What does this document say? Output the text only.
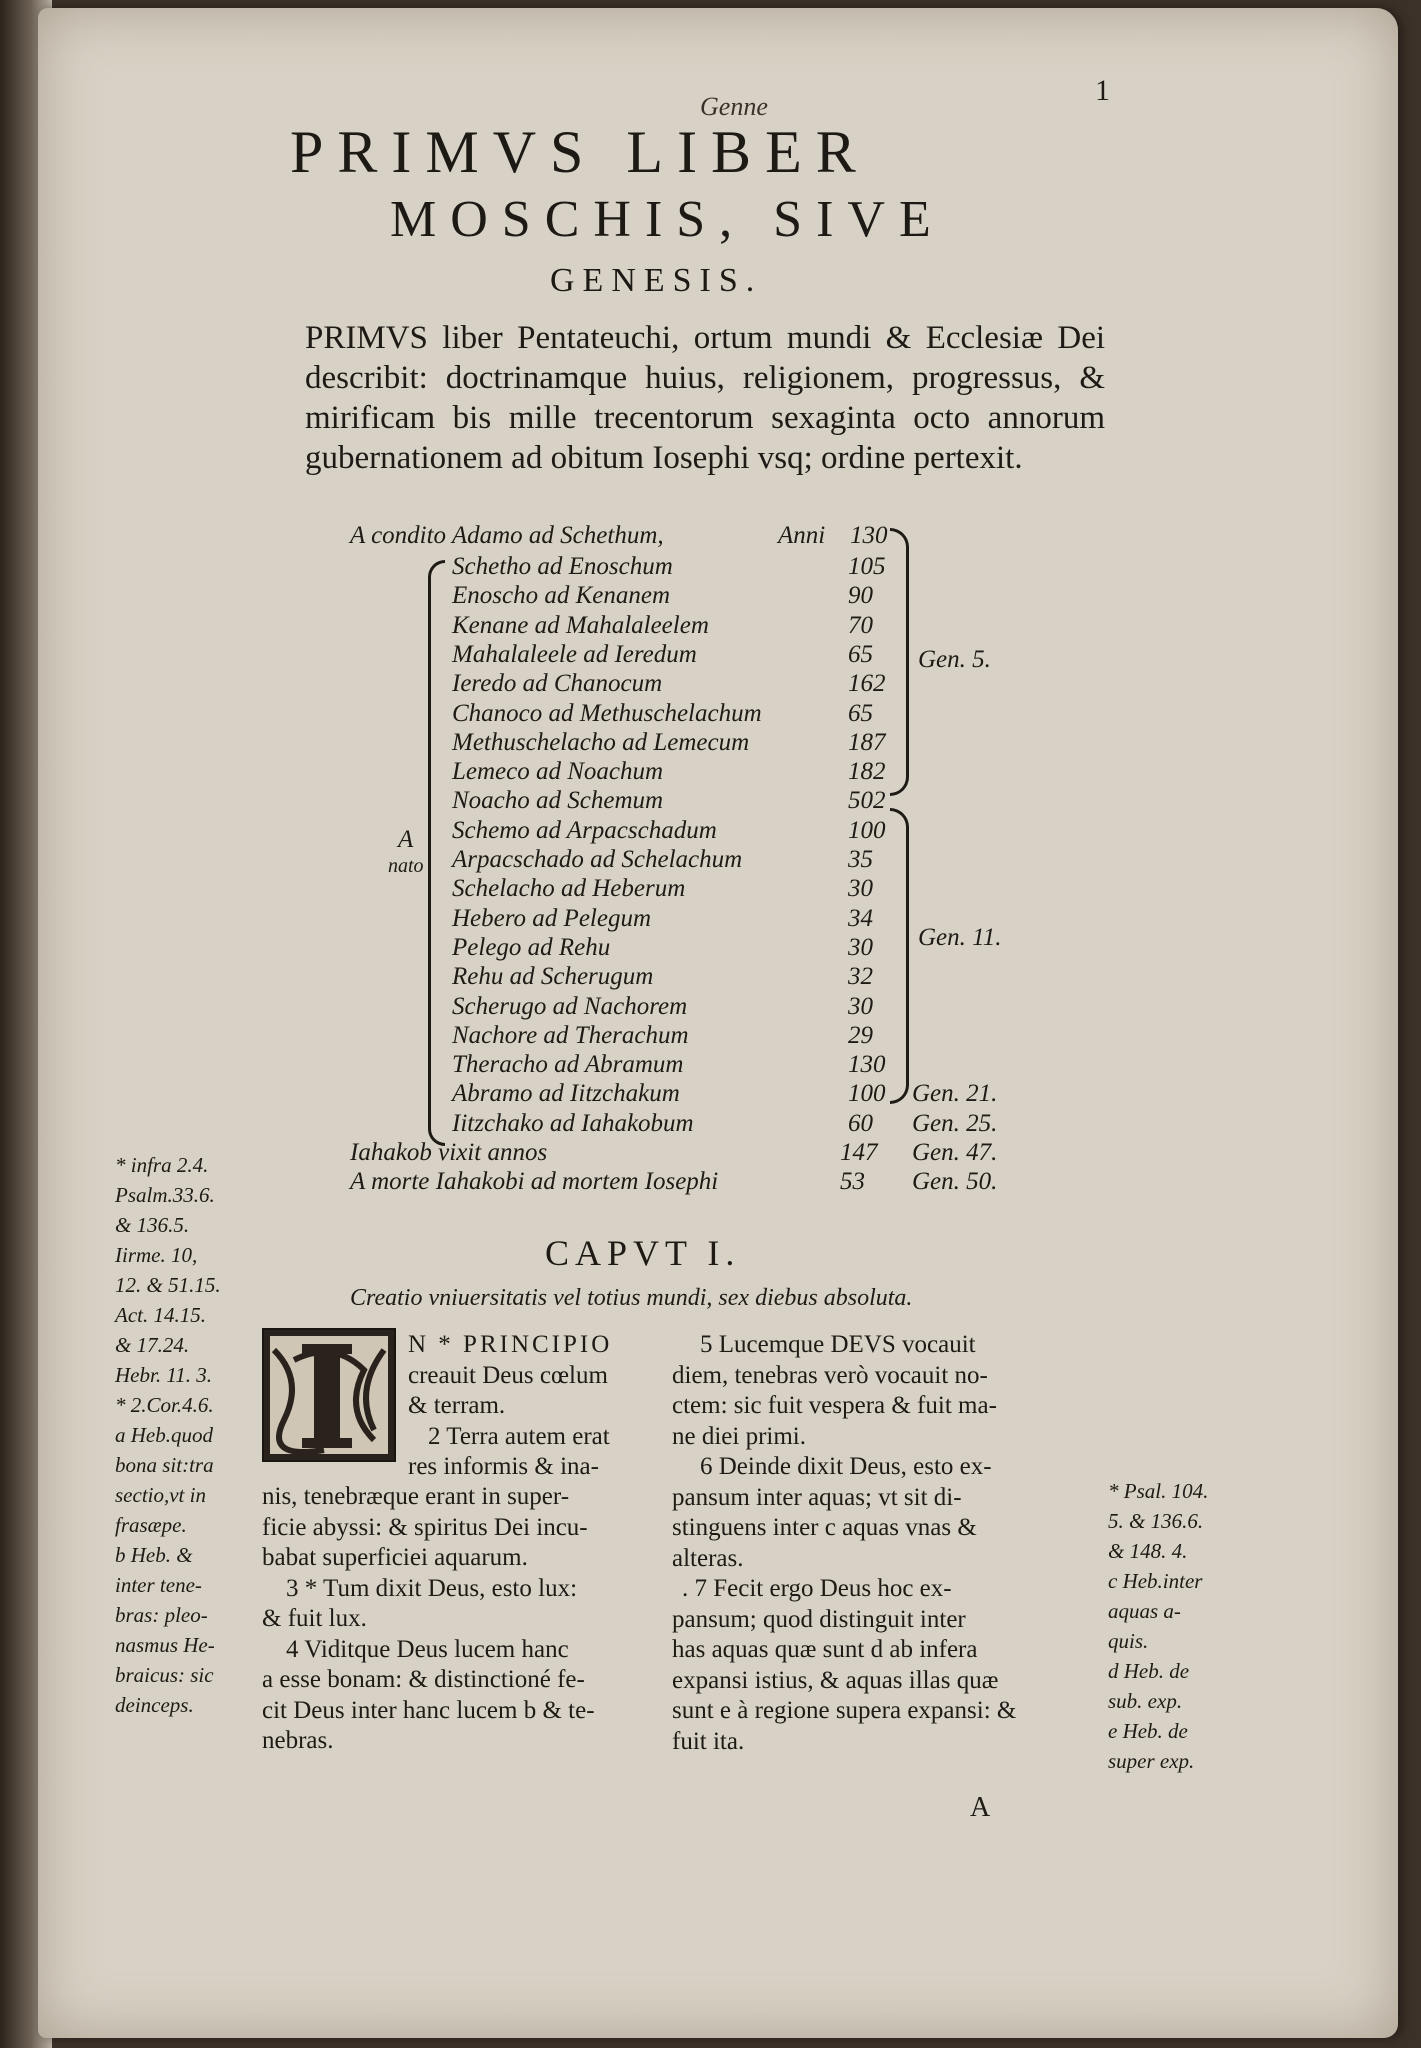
Genne	1
PRIMVS LIBER
MOSCHIS, SIVE
GENESIS.
PRIMVS liber Pentateuchi, ortum mundi & Ecclesiæ Dei describit: doctrinamque huius, religionem, progressus, & mirificam bis mille trecentorum sexaginta octo annorum gubernationem ad obitum Iosephi vsq; ordine pertexit.
A condito Adamo ad Schethum,	Anni 130
A
nato
Gen. 5.
Gen. 11.
Schetho ad Enoschum	105
Enoscho ad Kenanem	90
Kenane ad Mahalaleelem	70
Mahalaleele ad Ieredum	65
Ieredo ad Chanocum	162
Chanoco ad Methuschelachum	65
Methuschelacho ad Lemecum	187
Lemeco ad Noachum	182
Noacho ad Schemum	502
Schemo ad Arpacschadum	100
Arpacschado ad Schelachum	35
Schelacho ad Heberum	30
Hebero ad Pelegum	34
Pelego ad Rehu	30
Rehu ad Scherugum	32
Scherugo ad Nachorem	30
Nachore ad Therachum	29
Theracho ad Abramum	130
Abramo ad Iitzchakum	100 Gen. 21.
Iitzchako ad Iahakobum	60 Gen. 25.
Iahakob vixit annos	147 Gen. 47.
A morte Iahakobi ad mortem Iosephi	53 Gen. 50.
CAPVT I.
Creatio vniuersitatis vel totius mundi, sex diebus absoluta.
* infra 2.4.
Psalm.33.6.
& 136.5.
Iirme. 10,
12. & 51.15.
Act. 14.15.
& 17.24.
Hebr. 11. 3.
* 2.Cor.4.6.
a Heb.quod
bona sit:tra
sectio,vt in
frasæpe.
b Heb. &
inter tene-
bras: pleo-
nasmus He-
braicus: sic
deinceps.
N * PRINCIPIO
creauit Deus cœlum
& terram.
2 Terra autem erat
res informis & ina-
nis, tenebræque erant in super-
ficie abyssi: & spiritus Dei incu-
babat superficiei aquarum.
3 * Tum dixit Deus, esto lux:
& fuit lux.
4 Viditque Deus lucem hanc
a esse bonam: & distinctioné fe-
cit Deus inter hanc lucem b & te-
nebras.
5 Lucemque DEVS vocauit
diem, tenebras verò vocauit no-
ctem: sic fuit vespera & fuit ma-
ne diei primi.
6 Deinde dixit Deus, esto ex-
pansum inter aquas; vt sit di-
stinguens inter c aquas vnas &
alteras.
. 7 Fecit ergo Deus hoc ex-
pansum; quod distinguit inter
has aquas quæ sunt d ab infera
expansi istius, & aquas illas quæ
sunt e à regione supera expansi: &
fuit ita.
* Psal. 104.
5. & 136.6.
& 148. 4.
c Heb.inter
aquas a-
quis.
d Heb. de
sub. exp.
e Heb. de
super exp.
A
